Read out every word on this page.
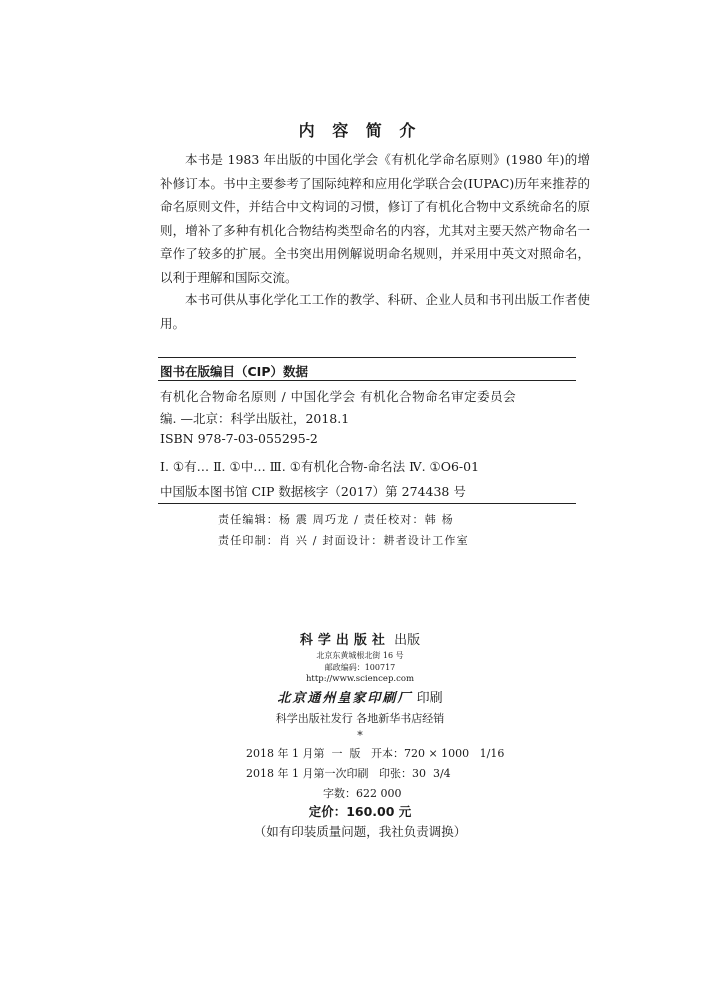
内 容 简 介

本书是 1983 年出版的中国化学会《有机化学命名原则》(1980 年)的增补修订本。书中主要参考了国际纯粹和应用化学联合会(IUPAC)历年来推荐的命名原则文件，并结合中文构词的习惯，修订了有机化合物中文系统命名的原则，增补了多种有机化合物结构类型命名的内容，尤其对主要天然产物命名一章作了较多的扩展。全书突出用例解说明命名规则，并采用中英文对照命名，以利于理解和国际交流。

本书可供从事化学化工工作的教学、科研、企业人员和书刊出版工作者使用。

图书在版编目（CIP）数据
有机化合物命名原则 / 中国化学会 有机化合物命名审定委员会
编. —北京：科学出版社，2018.1
ISBN 978-7-03-055295-2
Ⅰ. ①有… Ⅱ. ①中… Ⅲ. ①有机化合物-命名法 Ⅳ. ①O6-01
中国版本图书馆 CIP 数据核字（2017）第 274438 号
责任编辑：杨 震 周巧龙 / 责任校对：韩 杨
责任印制：肖 兴 / 封面设计：耕者设计工作室
科学出版社 出版
北京东黄城根北街 16 号
邮政编码：100717
http://www.sciencep.com
北京通州皇家印刷厂 印刷
科学出版社发行 各地新华书店经销
*
2018 年 1 月第  一  版   开本：720 × 1000   1/16
2018 年 1 月第一次印刷   印张：30  3/4
字数：622 000
定价：160.00 元
（如有印装质量问题，我社负责调换）
